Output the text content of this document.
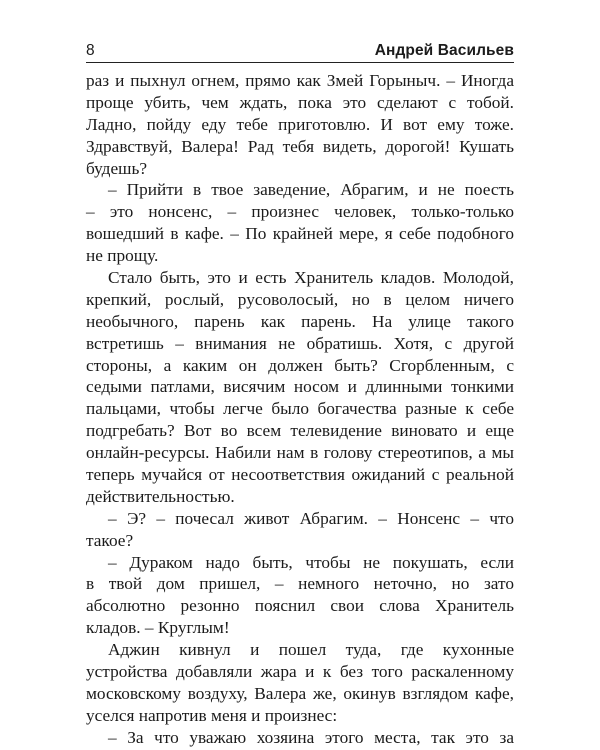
8	Андрей Васильев
раз и пыхнул огнем, прямо как Змей Горыныч. – Иногда
проще убить, чем ждать, пока это сделают с тобой.
Ладно, пойду еду тебе приготовлю. И вот ему тоже.
Здравствуй, Валера! Рад тебя видеть, дорогой! Кушать
будешь?
– Прийти в твое заведение, Абрагим, и не поесть
– это нонсенс, – произнес человек, только-только
вошедший в кафе. – По крайней мере, я себе подобного
не прощу.
Стало быть, это и есть Хранитель кладов. Молодой,
крепкий, рослый, русоволосый, но в целом ничего
необычного, парень как парень. На улице такого
встретишь – внимания не обратишь. Хотя, с другой
стороны, а каким он должен быть? Сгорбленным, с
седыми патлами, висячим носом и длинными тонкими
пальцами, чтобы легче было богачества разные к себе
подгребать? Вот во всем телевидение виновато и еще
онлайн-ресурсы. Набили нам в голову стереотипов, а мы
теперь мучайся от несоответствия ожиданий с реальной
действительностью.
– Э? – почесал живот Абрагим. – Нонсенс – что
такое?
– Дураком надо быть, чтобы не покушать, если
в твой дом пришел, – немного неточно, но зато
абсолютно резонно пояснил свои слова Хранитель
кладов. – Круглым!
Аджин кивнул и пошел туда, где кухонные
устройства добавляли жара и к без того раскаленному
московскому воздуху, Валера же, окинув взглядом кафе,
уселся напротив меня и произнес:
– За что уважаю хозяина этого места, так это за
